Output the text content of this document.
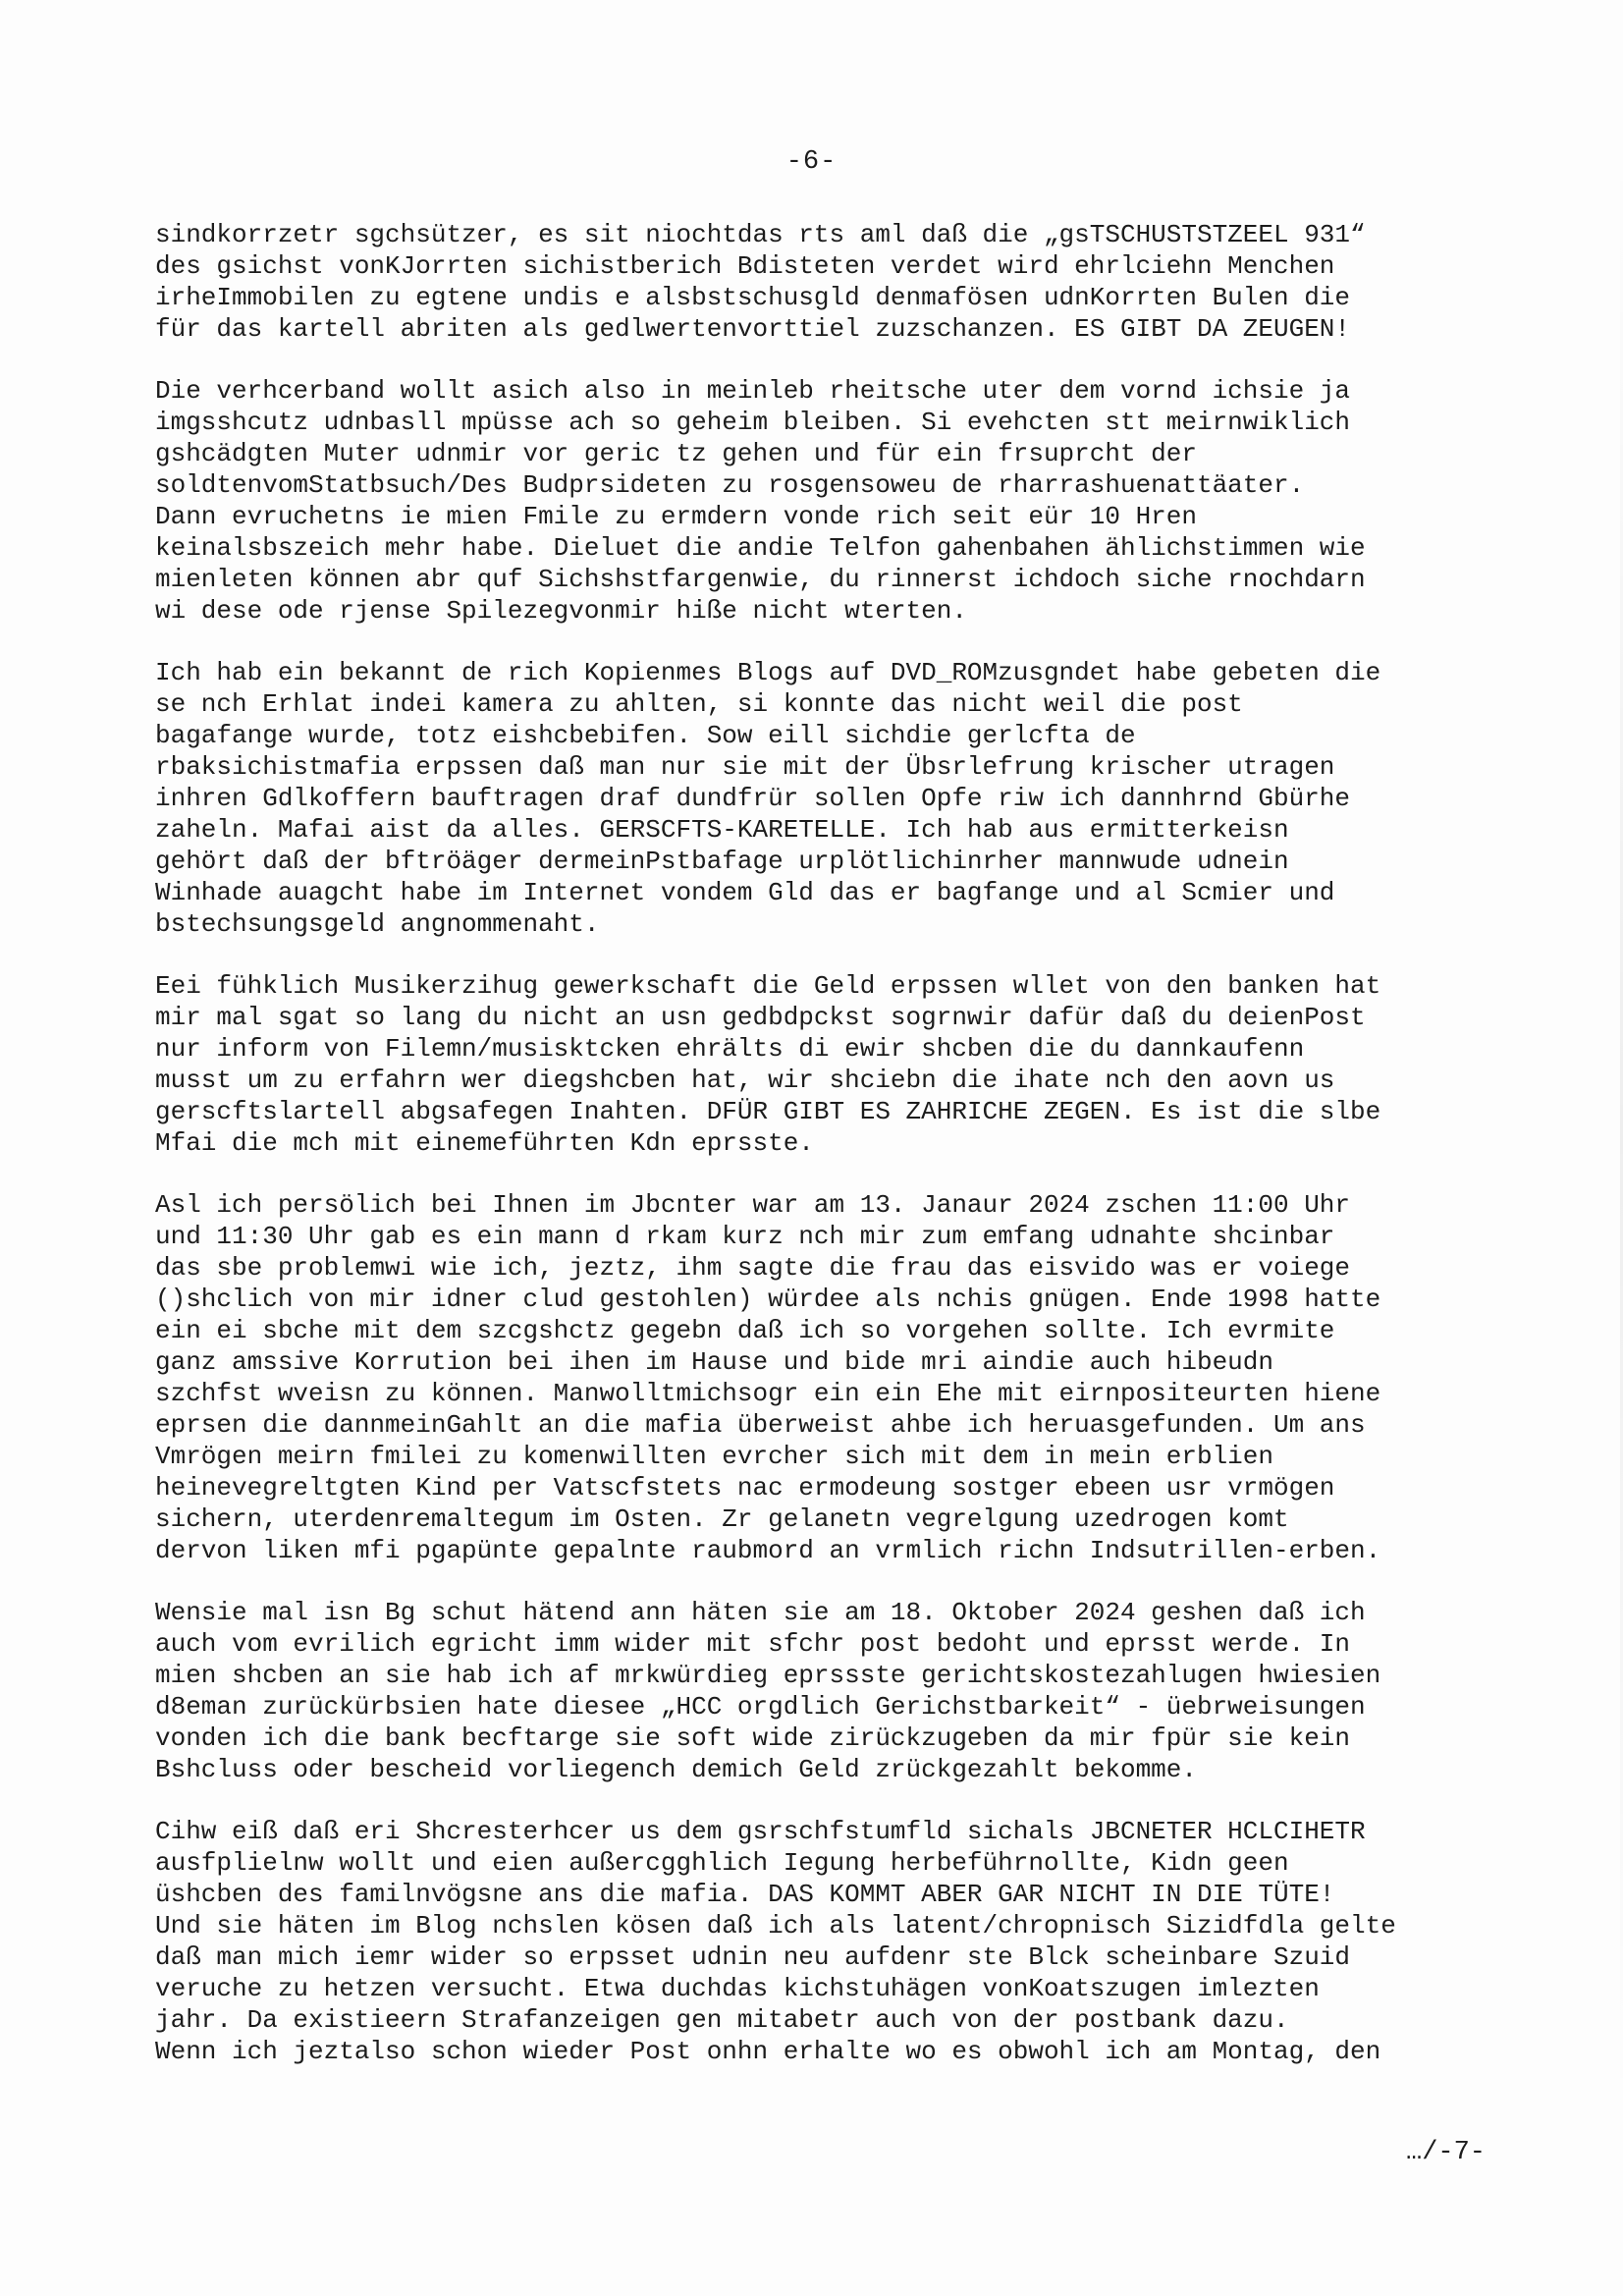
-6-
sindkorrzetr sgchsützer, es sit niochtdas rts aml daß die „gsTSCHUSTSTZEEL 931“
des gsichst vonKJorrten sichistberich Bdisteten verdet wird ehrlciehn Menchen
irheImmobilen zu egtene undis e alsbstschusgld denmafösen udnKorrten Bulen die
für das kartell abriten als gedlwertenvorttiel zuzschanzen. ES GIBT DA ZEUGEN!
Die verhcerband wollt asich also in meinleb rheitsche uter dem vornd ichsie ja
imgsshcutz udnbasll mpüsse ach so geheim bleiben. Si evehcten stt meirnwiklich
gshcädgten Muter udnmir vor geric tz gehen und für ein frsuprcht der
soldtenvomStatbsuch/Des Budprsideten zu rosgensoweu de rharrashuenattäater.
Dann evruchetns ie mien Fmile zu ermdern vonde rich seit eür 10 Hren
keinalsbszeich mehr habe. Dieluet die andie Telfon gahenbahen ählichstimmen wie
mienleten können abr quf Sichshstfargenwie, du rinnerst ichdoch siche rnochdarn
wi dese ode rjense Spilezegvonmir hiße nicht wterten.
Ich hab ein bekannt de rich Kopienmes Blogs auf DVD_ROMzusgndet habe gebeten die
se nch Erhlat indei kamera zu ahlten, si konnte das nicht weil die post
bagafange wurde, totz eishcbebifen. Sow eill sichdie gerlcfta de
rbaksichistmafia erpssen daß man nur sie mit der Übsrlefrung krischer utragen
inhren Gdlkoffern bauftragen draf dundfrür sollen Opfe riw ich dannhrnd Gbürhe
zaheln. Mafai aist da alles. GERSCFTS-KARETELLE. Ich hab aus ermitterkeisn
gehört daß der bftröäger dermeinPstbafage urplötlichinrher mannwude udnein
Winhade auagcht habe im Internet vondem Gld das er bagfange und al Scmier und
bstechsungsgeld angnommenaht.
Eei fühklich Musikerzihug gewerkschaft die Geld erpssen wllet von den banken hat
mir mal sgat so lang du nicht an usn gedbdpckst sogrnwir dafür daß du deienPost
nur inform von Filemn/musisktcken ehrälts di ewir shcben die du dannkaufenn
musst um zu erfahrn wer diegshcben hat, wir shciebn die ihate nch den aovn us
gerscftslartell abgsafegen Inahten. DFÜR GIBT ES ZAHRICHE ZEGEN. Es ist die slbe
Mfai die mch mit einemeführten Kdn eprsste.
Asl ich persölich bei Ihnen im Jbcnter war am 13. Janaur 2024 zschen 11:00 Uhr
und 11:30 Uhr gab es ein mann d rkam kurz nch mir zum emfang udnahte shcinbar
das sbe problemwi wie ich, jeztz, ihm sagte die frau das eisvido was er voiege
()shclich von mir idner clud gestohlen) würdee als nchis gnügen. Ende 1998 hatte
ein ei sbche mit dem szcgshctz gegebn daß ich so vorgehen sollte. Ich evrmite
ganz amssive Korrution bei ihen im Hause und bide mri aindie auch hibeudn
szchfst wveisn zu können. Manwolltmichsogr ein ein Ehe mit eirnpositeurten hiene
eprsen die dannmeinGahlt an die mafia überweist ahbe ich heruasgefunden. Um ans
Vmrögen meirn fmilei zu komenwillten evrcher sich mit dem in mein erblien
heinevegreltgten Kind per Vatscfstets nac ermodeung sostger ebeen usr vrmögen
sichern, uterdenremaltegum im Osten. Zr gelanetn vegrelgung uzedrogen komt
dervon liken mfi pgapünte gepalnte raubmord an vrmlich richn Indsutrillen-erben.
Wensie mal isn Bg schut hätend ann häten sie am 18. Oktober 2024 geshen daß ich
auch vom evrilich egricht imm wider mit sfchr post bedoht und eprsst werde. In
mien shcben an sie hab ich af mrkwürdieg eprssste gerichtskostezahlugen hwiesien
d8eman zurückürbsien hate diesee „HCC orgdlich Gerichstbarkeit“ - üebrweisungen
vonden ich die bank becftarge sie soft wide zirückzugeben da mir fpür sie kein
Bshcluss oder bescheid vorliegench demich Geld zrückgezahlt bekomme.
Cihw eiß daß eri Shcresterhcer us dem gsrschfstumfld sichals JBCNETER HCLCIHETR
ausfplielnw wollt und eien außercgghlich Iegung herbeführnollte, Kidn geen
üshcben des familnvögsne ans die mafia. DAS KOMMT ABER GAR NICHT IN DIE TÜTE!
Und sie häten im Blog nchslen kösen daß ich als latent/chropnisch Sizidfdla gelte
daß man mich iemr wider so erpsset udnin neu aufdenr ste Blck scheinbare Szuid
veruche zu hetzen versucht. Etwa duchdas kichstuhägen vonKoatszugen imlezten
jahr. Da existieern Strafanzeigen gen mitabetr auch von der postbank dazu.
Wenn ich jeztalso schon wieder Post onhn erhalte wo es obwohl ich am Montag, den
…/-7-
